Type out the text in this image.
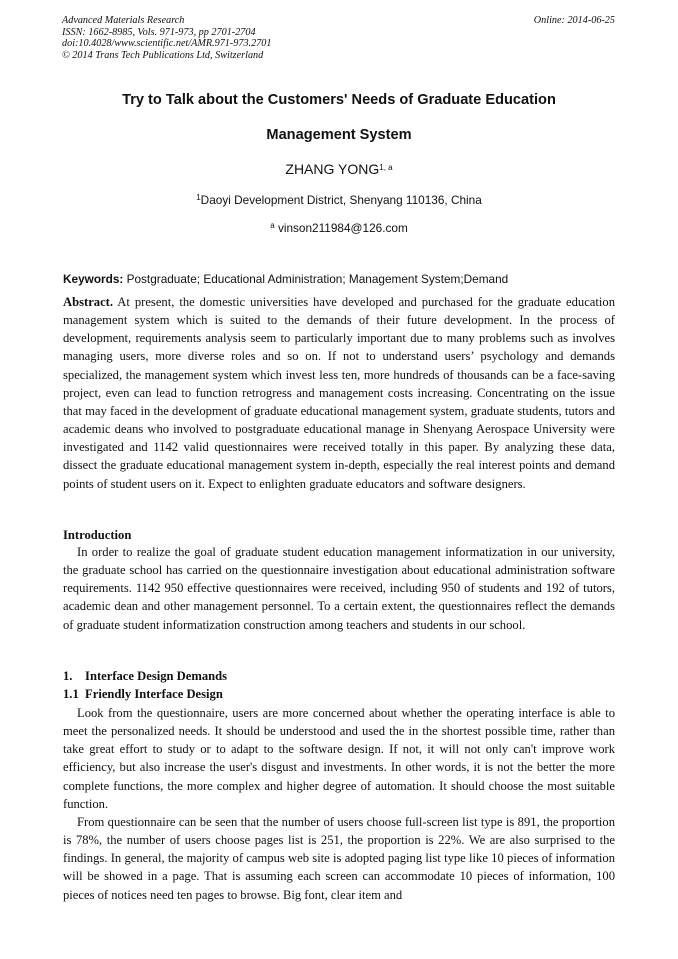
Advanced Materials Research
ISSN: 1662-8985, Vols. 971-973, pp 2701-2704
doi:10.4028/www.scientific.net/AMR.971-973.2701
© 2014 Trans Tech Publications Ltd, Switzerland
Online: 2014-06-25
Try to Talk about the Customers' Needs of Graduate Education
Management System
ZHANG YONG$^{1, a}$
$^1$Daoyi Development District, Shenyang 110136, China
$^a$ vinson211984@126.com
Keywords: Postgraduate; Educational Administration; Management System;Demand
Abstract. At present, the domestic universities have developed and purchased for the graduate education management system which is suited to the demands of their future development. In the process of development, requirements analysis seem to particularly important due to many problems such as involves managing users, more diverse roles and so on. If not to understand users’ psychology and demands specialized, the management system which invest less ten, more hundreds of thousands can be a face-saving project, even can lead to function retrogress and management costs increasing. Concentrating on the issue that may faced in the development of graduate educational management system, graduate students, tutors and academic deans who involved to postgraduate educational manage in Shenyang Aerospace University were investigated and 1142 valid questionnaires were received totally in this paper. By analyzing these data, dissect the graduate educational management system in-depth, especially the real interest points and demand points of student users on it. Expect to enlighten graduate educators and software designers.
Introduction
In order to realize the goal of graduate student education management informatization in our university, the graduate school has carried on the questionnaire investigation about educational administration software requirements. 1142 950 effective questionnaires were received, including 950 of students and 192 of tutors, academic dean and other management personnel. To a certain extent, the questionnaires reflect the demands of graduate student informatization construction among teachers and students in our school.
1.    Interface Design Demands
1.1  Friendly Interface Design
Look from the questionnaire, users are more concerned about whether the operating interface is able to meet the personalized needs. It should be understood and used the in the shortest possible time, rather than take great effort to study or to adapt to the software design. If not, it will not only can't improve work efficiency, but also increase the user's disgust and investments. In other words, it is not the better the more complete functions, the more complex and higher degree of automation. It should choose the most suitable function.
From questionnaire can be seen that the number of users choose full-screen list type is 891, the proportion is 78%, the number of users choose pages list is 251, the proportion is 22%. We are also surprised to the findings. In general, the majority of campus web site is adopted paging list type like 10 pieces of information will be showed in a page. That is assuming each screen can accommodate 10 pieces of information, 100 pieces of notices need ten pages to browse. Big font, clear item and
